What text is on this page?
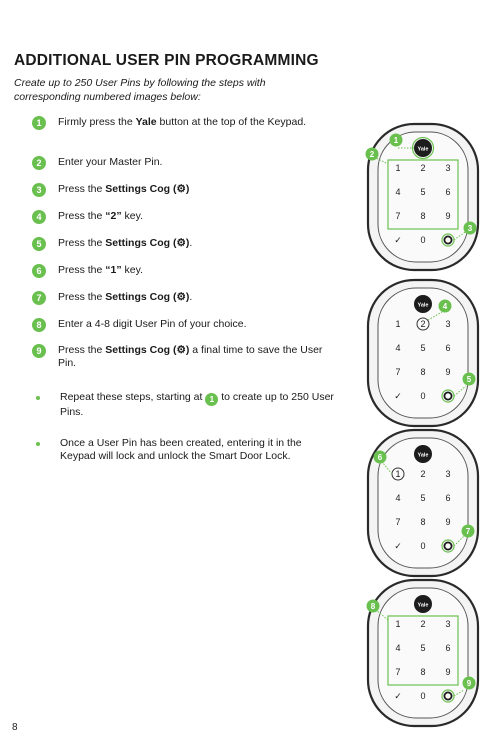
ADDITIONAL USER PIN PROGRAMMING
Create up to 250 User Pins by following the steps with corresponding numbered images below:
1	Firmly press the Yale button at the top of the Keypad.
2	Enter your Master Pin.
3	Press the Settings Cog (⚙)
4	Press the “2” key.
5	Press the Settings Cog (⚙).
6	Press the “1” key.
7	Press the Settings Cog (⚙).
8	Enter a 4-8 digit User Pin of your choice.
9	Press the Settings Cog (⚙) a final time to save the User Pin.
Repeat these steps, starting at 1 to create up to 250 User Pins.
Once a User Pin has been created, entering it in the Keypad will lock and unlock the Smart Door Lock.
Yale
1 2 3
4 5 6
7 8 9
✓ 0
1
2
3
Yale
1 2 3
4 5 6
7 8 9
✓ 0
4
5
Yale
1 2 3
4 5 6
7 8 9
✓ 0
6
7
Yale
1 2 3
4 5 6
7 8 9
✓ 0
8
9
8
